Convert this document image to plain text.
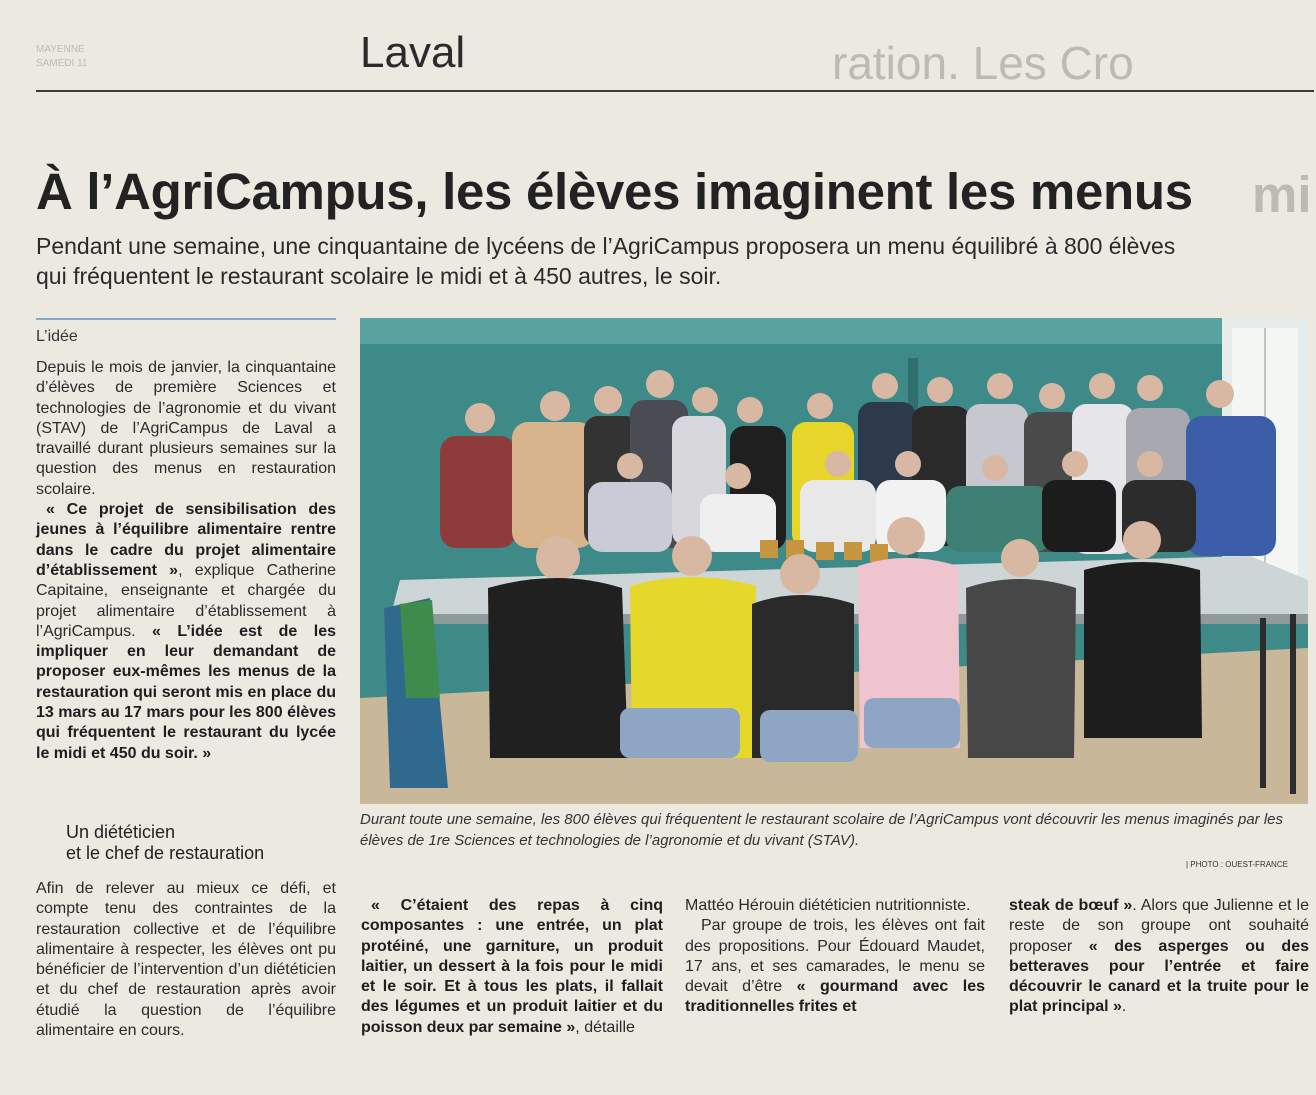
ration. Les Cro
mi
MAYENNE
SAMEDI 11	Laval
À l’AgriCampus, les élèves imaginent les menus
Pendant une semaine, une cinquantaine de lycéens de l’AgriCampus proposera un menu équilibré à 800 élèves qui fréquentent le restaurant scolaire le midi et à 450 autres, le soir.
L’idée

Depuis le mois de janvier, la cinquantaine d’élèves de première Sciences et technologies de l’agronomie et du vivant (STAV) de l’AgriCampus de Laval a travaillé durant plusieurs semaines sur la question des menus en restauration scolaire.

« Ce projet de sensibilisation des jeunes à l’équilibre alimentaire rentre dans le cadre du projet alimentaire d’établissement », explique Catherine Capitaine, enseignante et chargée du projet alimentaire d’établissement à l’AgriCampus. « L’idée est de les impliquer en leur demandant de proposer eux-mêmes les menus de la restauration qui seront mis en place du 13 mars au 17 mars pour les 800 élèves qui fréquentent le restaurant du lycée le midi et 450 du soir. »

Un diététicien
et le chef de restauration

Afin de relever au mieux ce défi, et compte tenu des contraintes de la restauration collective et de l’équilibre alimentaire à respecter, les élèves ont pu bénéficier de l’intervention d’un diététicien et du chef de restauration après avoir étudié la question de l’équilibre alimentaire en cours.

Durant toute une semaine, les 800 élèves qui fréquentent le restaurant scolaire de l’AgriCampus vont découvrir les menus imaginés par les élèves de 1re Sciences et technologies de l’agronomie et du vivant (STAV).
| PHOTO : OUEST-FRANCE

« C’étaient des repas à cinq composantes : une entrée, un plat protéiné, une garniture, un produit laitier, un dessert à la fois pour le midi et le soir. Et à tous les plats, il fallait des légumes et un produit laitier et du poisson deux par semaine », détaille

Mattéo Hérouin diététicien nutritionniste.

Par groupe de trois, les élèves ont fait des propositions. Pour Édouard Maudet, 17 ans, et ses camarades, le menu se devait d’être « gourmand avec les traditionnelles frites et

steak de bœuf ». Alors que Julienne et le reste de son groupe ont souhaité proposer « des asperges ou des betteraves pour l’entrée et faire découvrir le canard et la truite pour le plat principal ».
